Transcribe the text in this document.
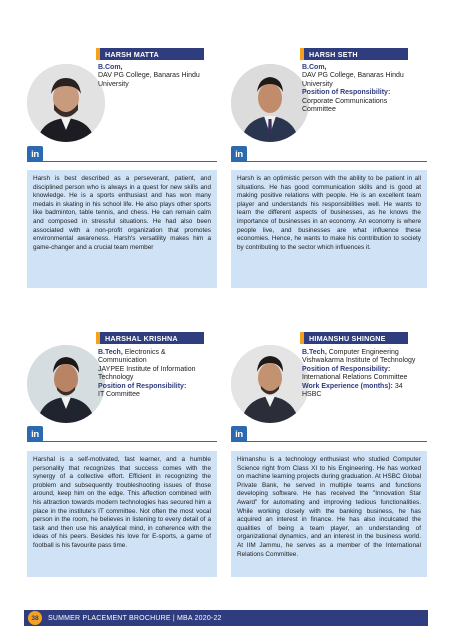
HARSH MATTA
B.Com,
DAV PG College, Banaras Hindu
University
in
Harsh is best described as a perseverant, patient, and disciplined person who is always in a quest for new skills and knowledge. He is a sports enthusiast and has won many medals in skating in his school life. He also plays other sports like badminton, table tennis, and chess. He can remain calm and composed in stressful situations. He had also been associated with a non-profit organization that promotes environmental awareness. Harsh's versatility makes him a game-changer and a crucial team member
HARSH SETH
B.Com,
DAV PG College, Banaras Hindu
University
Position of Responsibility:
Corporate Communications
Committee
in
Harsh is an optimistic person with the ability to be patient in all situations. He has good communication skills and is good at making positive relations with people. He is an excellent team player and understands his responsibilities well. He wants to learn the different aspects of businesses, as he knows the importance of businesses in an economy. An economy is where people live, and businesses are what influence these economies. Hence, he wants to make his contribution to society by contributing to the sector which influences it.
HARSHAL KRISHNA
B.Tech, Electronics &
Communication
JAYPEE Institute of Information
Technology
Position of Responsibility:
IT Committee
in
Harshal is a self-motivated, fast learner, and a humble personality that recognizes that success comes with the synergy of a collective effort. Efficient in recognizing the problem and subsequently troubleshooting issues of those around, keep him on the edge. This affection combined with his attraction towards modern technologies has secured him a place in the institute's IT committee. Not often the most vocal person in the room, he believes in listening to every detail of a task and then use his analytical mind, in coherence with the ideas of his peers. Besides his love for E-sports, a game of football is his favourite pass time.
HIMANSHU SHINGNE
B.Tech, Computer Engineering
Vishwakarma Institute of Technology
Position of Responsibility:
International Relations Committee
Work Experience (months): 34
HSBC
in
Himanshu is a technology enthusiast who studied Computer Science right from Class XI to his Engineering. He has worked on machine learning projects during graduation. At HSBC Global Private Bank, he served in multiple teams and functions developing software. He has received the "Innovation Star Award" for automating and improving tedious functionalities. While working closely with the banking business, he has acquired an interest in finance. He has also inculcated the qualities of being a team player, an understanding of organizational dynamics, and an interest in the business world. At IIM Jammu, he serves as a member of the International Relations Committee.
38	SUMMER PLACEMENT BROCHURE | MBA 2020-22
